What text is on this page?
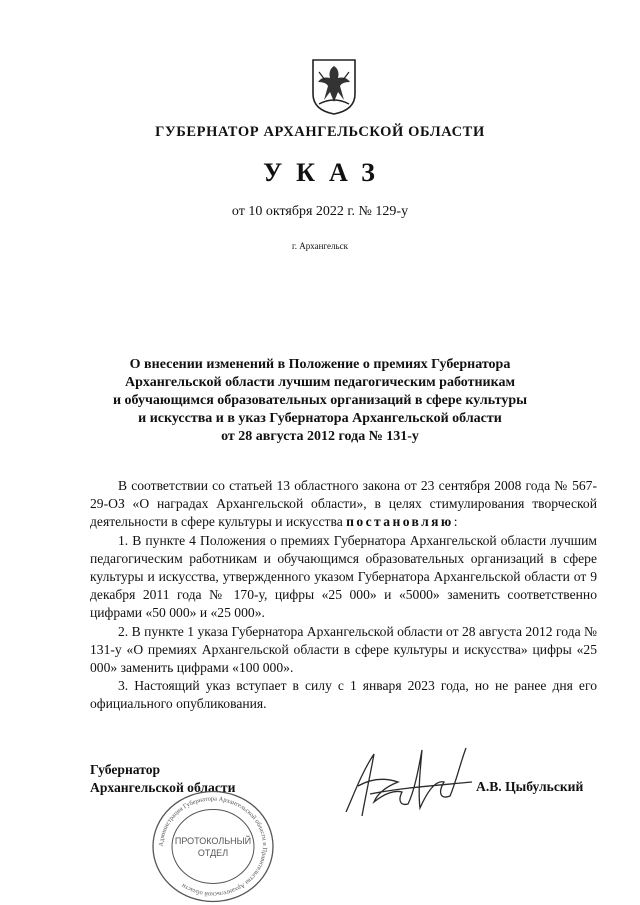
ГУБЕРНАТОР АРХАНГЕЛЬСКОЙ ОБЛАСТИ
УКАЗ
от 10 октября 2022 г. № 129-у
г. Архангельск
О внесении изменений в Положение о премиях Губернатора
Архангельской области лучшим педагогическим работникам
и обучающимся образовательных организаций в сфере культуры
и искусства и в указ Губернатора Архангельской области
от 28 августа 2012 года № 131-у

В соответствии со статьей 13 областного закона от 23 сентября 2008 года № 567-29-ОЗ «О наградах Архангельской области», в целях стимулирования творческой деятельности в сфере культуры и искусства постановляю:

1. В пункте 4 Положения о премиях Губернатора Архангельской области лучшим педагогическим работникам и обучающимся образовательных организаций в сфере культуры и искусства, утвержденного указом Губернатора Архангельской области от 9 декабря 2011 года № 170-у, цифры «25 000» и «5000» заменить соответственно цифрами «50 000» и «25 000».

2. В пункте 1 указа Губернатора Архангельской области от 28 августа 2012 года № 131-у «О премиях Архангельской области в сфере культуры и искусства» цифры «25 000» заменить цифрами «100 000».

3. Настоящий указ вступает в силу с 1 января 2023 года, но не ранее дня его официального опубликования.

Губернатор
Архангельской области	А.В. Цыбульский
Администрация Губернатора Архангельской области и Правительства Архангельской области
ПРОТОКОЛЬНЫЙ
ОТДЕЛ
